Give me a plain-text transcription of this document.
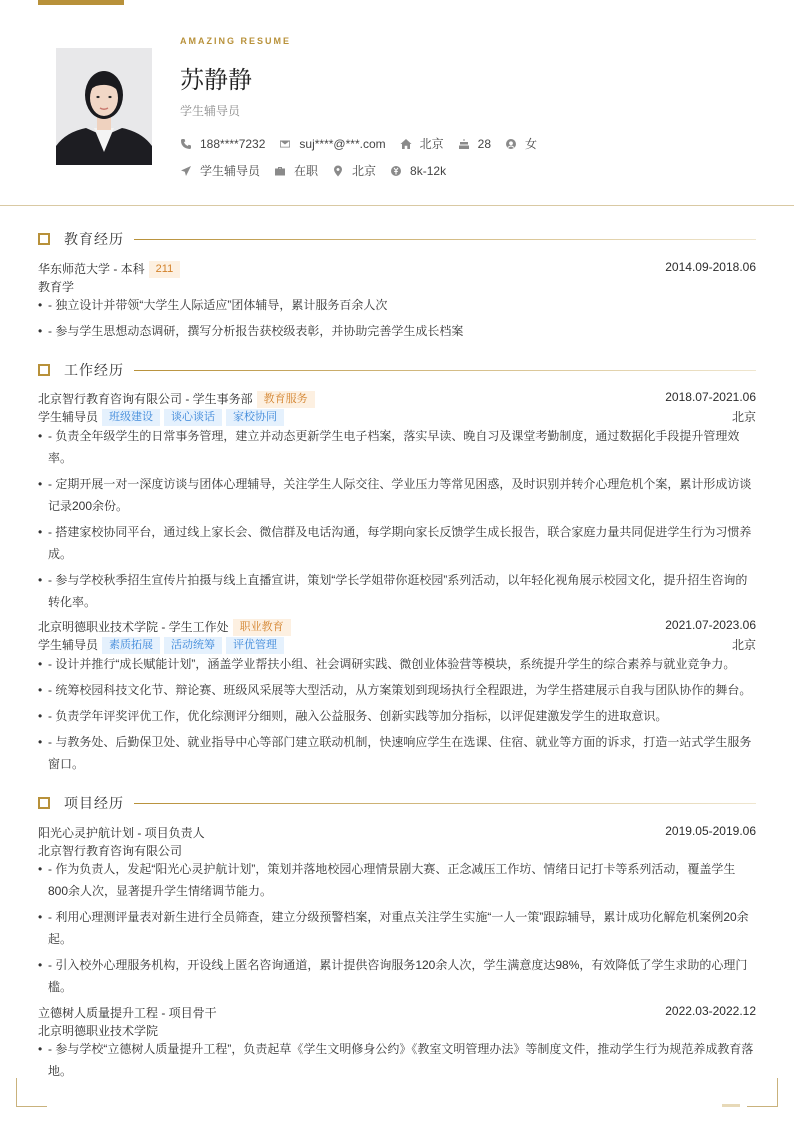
AMAZING RESUME
苏静静
学生辅导员
188****7232	suj****@***.com	北京	28	女
学生辅导员	在职	北京	8k-12k
教育经历
华东师范大学 - 本科 211	2014.09-2018.06
教育学
• - 独立设计并带领“大学生人际适应”团体辅导，累计服务百余人次
• - 参与学生思想动态调研，撰写分析报告获校级表彰，并协助完善学生成长档案
工作经历
北京智行教育咨询有限公司 - 学生事务部 教育服务	2018.07-2021.06
学生辅导员 班级建设 谈心谈话 家校协同	北京
• - 负责全年级学生的日常事务管理，建立并动态更新学生电子档案，落实早读、晚自习及课堂考勤制度，通过数据化手段提升管理效率。
• - 定期开展一对一深度访谈与团体心理辅导，关注学生人际交往、学业压力等常见困惑，及时识别并转介心理危机个案，累计形成访谈记录200余份。
• - 搭建家校协同平台，通过线上家长会、微信群及电话沟通，每学期向家长反馈学生成长报告，联合家庭力量共同促进学生行为习惯养成。
• - 参与学校秋季招生宣传片拍摄与线上直播宣讲，策划“学长学姐带你逛校园”系列活动，以年轻化视角展示校园文化，提升招生咨询的转化率。
北京明德职业技术学院 - 学生工作处 职业教育	2021.07-2023.06
学生辅导员 素质拓展 活动统筹 评优管理	北京
• - 设计并推行“成长赋能计划”，涵盖学业帮扶小组、社会调研实践、微创业体验营等模块，系统提升学生的综合素养与就业竞争力。
• - 统筹校园科技文化节、辩论赛、班级风采展等大型活动，从方案策划到现场执行全程跟进，为学生搭建展示自我与团队协作的舞台。
• - 负责学年评奖评优工作，优化综测评分细则，融入公益服务、创新实践等加分指标，以评促建激发学生的进取意识。
• - 与教务处、后勤保卫处、就业指导中心等部门建立联动机制，快速响应学生在选课、住宿、就业等方面的诉求，打造一站式学生服务窗口。
项目经历
阳光心灵护航计划 - 项目负责人	2019.05-2019.06
北京智行教育咨询有限公司
• - 作为负责人，发起“阳光心灵护航计划”，策划并落地校园心理情景剧大赛、正念减压工作坊、情绪日记打卡等系列活动，覆盖学生800余人次，显著提升学生情绪调节能力。
• - 利用心理测评量表对新生进行全员筛查，建立分级预警档案，对重点关注学生实施“一人一策”跟踪辅导，累计成功化解危机案例20余起。
• - 引入校外心理服务机构，开设线上匿名咨询通道，累计提供咨询服务120余人次，学生满意度达98%，有效降低了学生求助的心理门槛。
立德树人质量提升工程 - 项目骨干	2022.03-2022.12
北京明德职业技术学院
• - 参与学校“立德树人质量提升工程”，负责起草《学生文明修身公约》《教室文明管理办法》等制度文件，推动学生行为规范养成教育落地。
